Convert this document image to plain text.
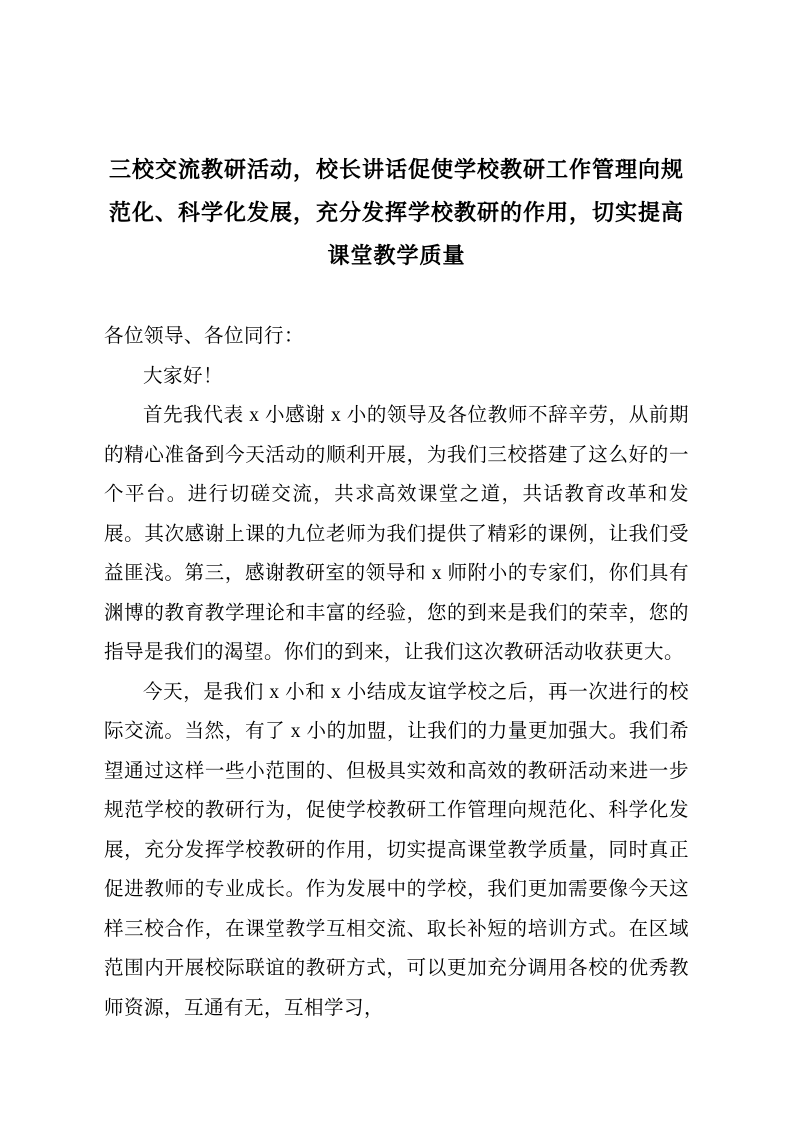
三校交流教研活动，校长讲话促使学校教研工作管理向规范化、科学化发展，充分发挥学校教研的作用，切实提高课堂教学质量

各位领导、各位同行：

大家好！

首先我代表 x 小感谢 x 小的领导及各位教师不辞辛劳，从前期的精心准备到今天活动的顺利开展，为我们三校搭建了这么好的一个平台。进行切磋交流，共求高效课堂之道，共话教育改革和发展。其次感谢上课的九位老师为我们提供了精彩的课例，让我们受益匪浅。第三，感谢教研室的领导和 x 师附小的专家们，你们具有渊博的教育教学理论和丰富的经验，您的到来是我们的荣幸，您的指导是我们的渴望。你们的到来，让我们这次教研活动收获更大。

今天，是我们 x 小和 x 小结成友谊学校之后，再一次进行的校际交流。当然，有了 x 小的加盟，让我们的力量更加强大。我们希望通过这样一些小范围的、但极具实效和高效的教研活动来进一步规范学校的教研行为，促使学校教研工作管理向规范化、科学化发展，充分发挥学校教研的作用，切实提高课堂教学质量，同时真正促进教师的专业成长。作为发展中的学校，我们更加需要像今天这样三校合作，在课堂教学互相交流、取长补短的培训方式。在区域范围内开展校际联谊的教研方式，可以更加充分调用各校的优秀教师资源，互通有无，互相学习，
